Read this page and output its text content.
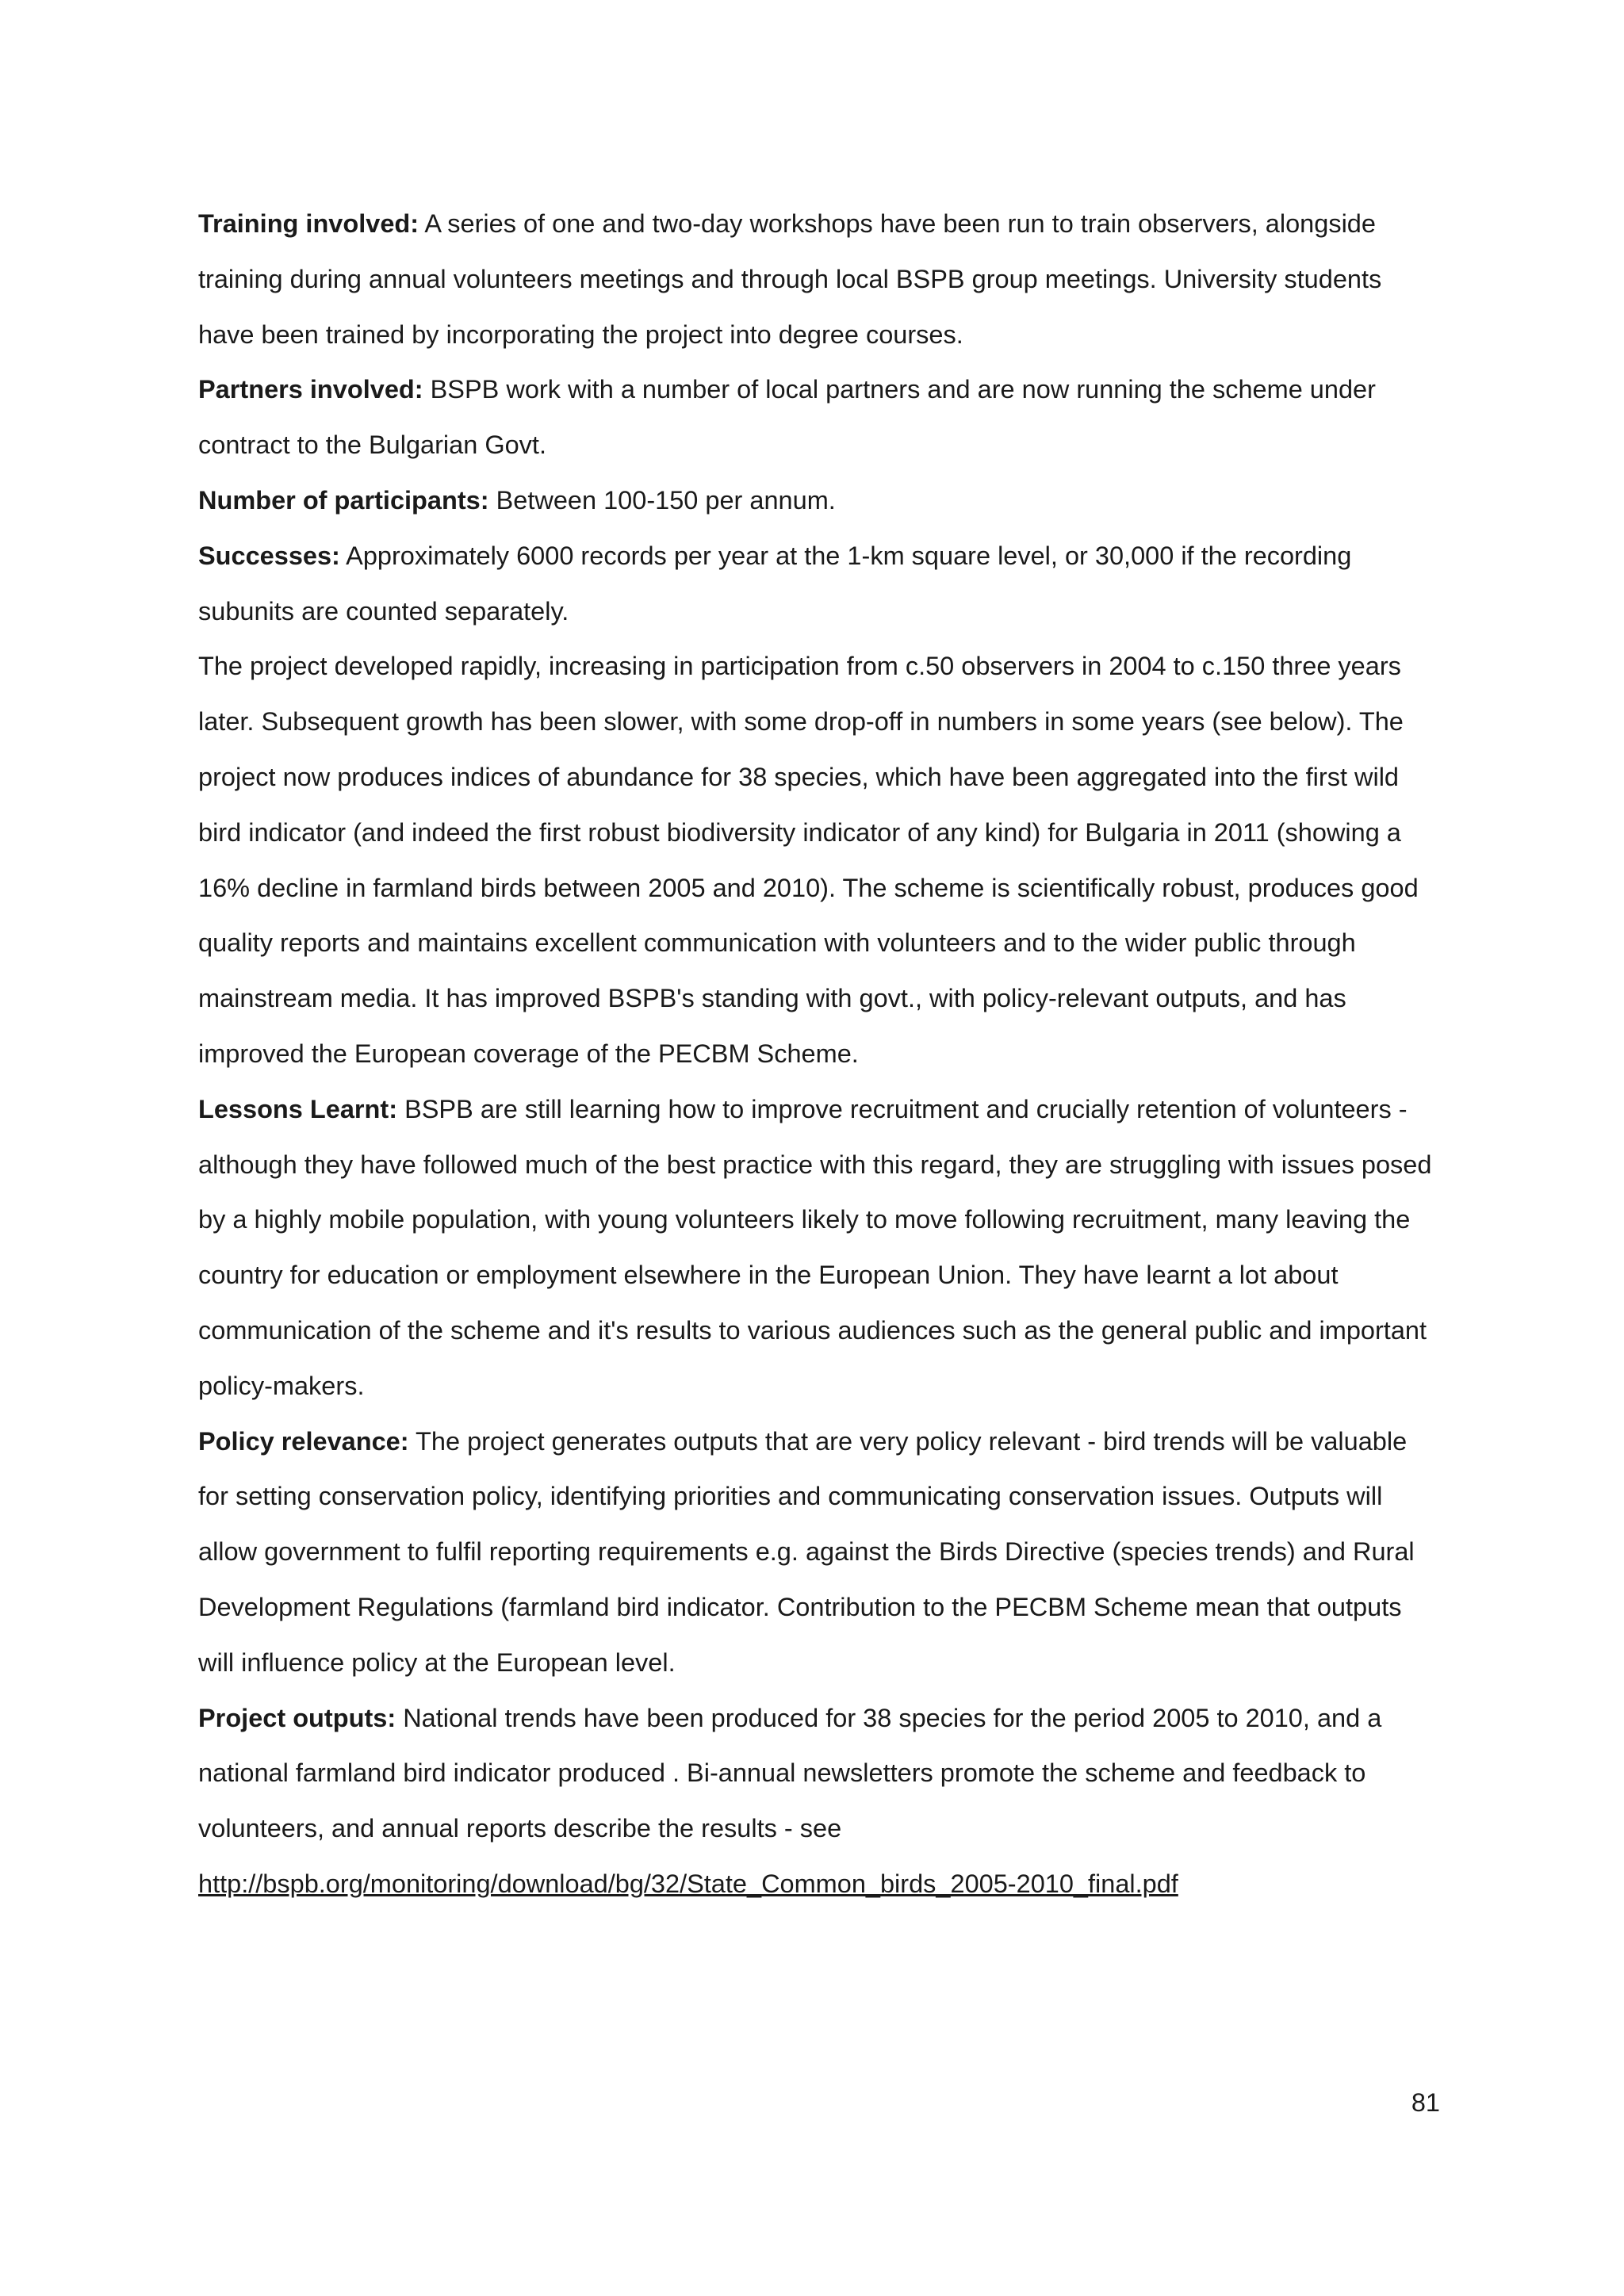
Training involved: A series of one and two-day workshops have been run to train observers, alongside training during annual volunteers meetings and through local BSPB group meetings. University students have been trained by incorporating the project into degree courses.

Partners involved: BSPB work with a number of local partners and are now running the scheme under contract to the Bulgarian Govt.

Number of participants: Between 100-150 per annum.

Successes: Approximately 6000 records per year at the 1-km square level, or 30,000 if the recording subunits are counted separately.

The project developed rapidly, increasing in participation from c.50 observers in 2004 to c.150 three years later. Subsequent growth has been slower, with some drop-off in numbers in some years (see below). The project now produces indices of abundance for 38 species, which have been aggregated into the first wild bird indicator (and indeed the first robust biodiversity indicator of any kind) for Bulgaria in 2011 (showing a 16% decline in farmland birds between 2005 and 2010). The scheme is scientifically robust, produces good quality reports and maintains excellent communication with volunteers and to the wider public through mainstream media. It has improved BSPB's standing with govt., with policy-relevant outputs, and has improved the European coverage of the PECBM Scheme.

Lessons Learnt: BSPB are still learning how to improve recruitment and crucially retention of volunteers - although they have followed much of the best practice with this regard, they are struggling with issues posed by a highly mobile population, with young volunteers likely to move following recruitment, many leaving the country for education or employment elsewhere in the European Union. They have learnt a lot about communication of the scheme and it's results to various audiences such as the general public and important policy-makers.

Policy relevance: The project generates outputs that are very policy relevant - bird trends will be valuable for setting conservation policy, identifying priorities and communicating conservation issues. Outputs will allow government to fulfil reporting requirements e.g. against the Birds Directive (species trends) and Rural Development Regulations (farmland bird indicator. Contribution to the PECBM Scheme mean that outputs will influence policy at the European level.

Project outputs: National trends have been produced for 38 species for the period 2005 to 2010, and a national farmland bird indicator produced . Bi-annual newsletters promote the scheme and feedback to volunteers, and annual reports describe the results - see

http://bspb.org/monitoring/download/bg/32/State_Common_birds_2005-2010_final.pdf

81
